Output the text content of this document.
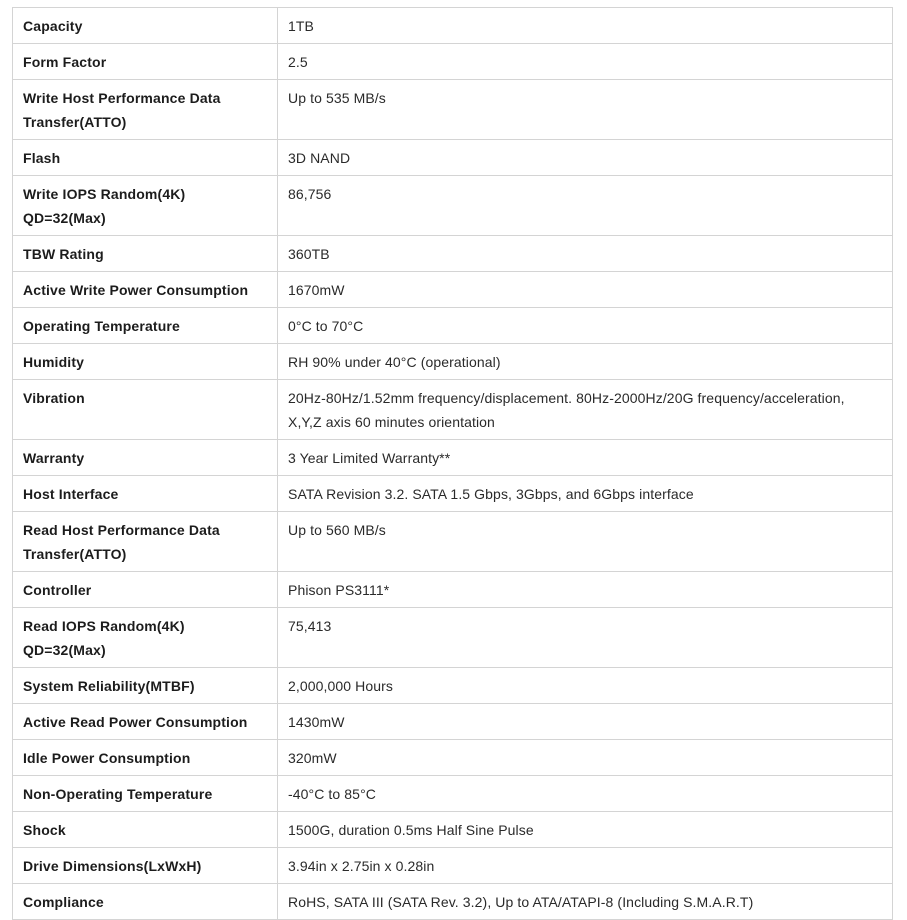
Capacity	1TB
Form Factor	2.5
Write Host Performance Data Transfer(ATTO)	Up to 535 MB/s
Flash	3D NAND
Write IOPS Random(4K) QD=32(Max)	86,756
TBW Rating	360TB
Active Write Power Consumption	1670mW
Operating Temperature	0°C to 70°C
Humidity	RH 90% under 40°C (operational)
Vibration	20Hz-80Hz/1.52mm frequency/displacement. 80Hz-2000Hz/20G frequency/acceleration, X,Y,Z axis 60 minutes orientation
Warranty	3 Year Limited Warranty**
Host Interface	SATA Revision 3.2. SATA 1.5 Gbps, 3Gbps, and 6Gbps interface
Read Host Performance Data Transfer(ATTO)	Up to 560 MB/s
Controller	Phison PS3111*
Read IOPS Random(4K) QD=32(Max)	75,413
System Reliability(MTBF)	2,000,000 Hours
Active Read Power Consumption	1430mW
Idle Power Consumption	320mW
Non-Operating Temperature	-40°C to 85°C
Shock	1500G, duration 0.5ms Half Sine Pulse
Drive Dimensions(LxWxH)	3.94in x 2.75in x 0.28in
Compliance	RoHS, SATA III (SATA Rev. 3.2), Up to ATA/ATAPI-8 (Including S.M.A.R.T)
